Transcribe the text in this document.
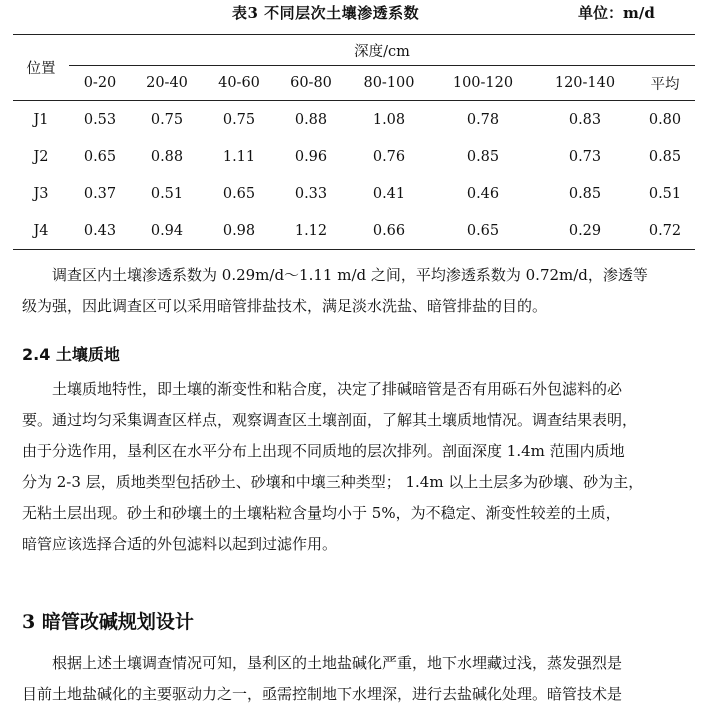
表3 不同层次土壤渗透系数	单位：m/d
位置	深度/cm							
	0-20	20-40	40-60	60-80	80-100	100-120	120-140	平均
J1	0.53	0.75	0.75	0.88	1.08	0.78	0.83	0.80
J2	0.65	0.88	1.11	0.96	0.76	0.85	0.73	0.85
J3	0.37	0.51	0.65	0.33	0.41	0.46	0.85	0.51
J4	0.43	0.94	0.98	1.12	0.66	0.65	0.29	0.72
　　调查区内土壤渗透系数为 0.29m/d～1.11 m/d 之间，平均渗透系数为 0.72m/d，渗透等
级为强，因此调查区可以采用暗管排盐技术，满足淡水洗盐、暗管排盐的目的。
2.4 土壤质地
　　土壤质地特性，即土壤的渐变性和粘合度，决定了排碱暗管是否有用砾石外包滤料的必
要。通过均匀采集调查区样点，观察调查区土壤剖面，了解其土壤质地情况。调查结果表明，
由于分选作用，垦利区在水平分布上出现不同质地的层次排列。剖面深度 1.4m 范围内质地
分为 2-3 层，质地类型包括砂土、砂壤和中壤三种类型； 1.4m 以上土层多为砂壤、砂为主，
无粘土层出现。砂土和砂壤土的土壤粘粒含量均小于 5%，为不稳定、渐变性较差的土质，
暗管应该选择合适的外包滤料以起到过滤作用。
3 暗管改碱规划设计
　　根据上述土壤调查情况可知，垦利区的土地盐碱化严重，地下水埋藏过浅，蒸发强烈是
目前土地盐碱化的主要驱动力之一，亟需控制地下水埋深，进行去盐碱化处理。暗管技术是
